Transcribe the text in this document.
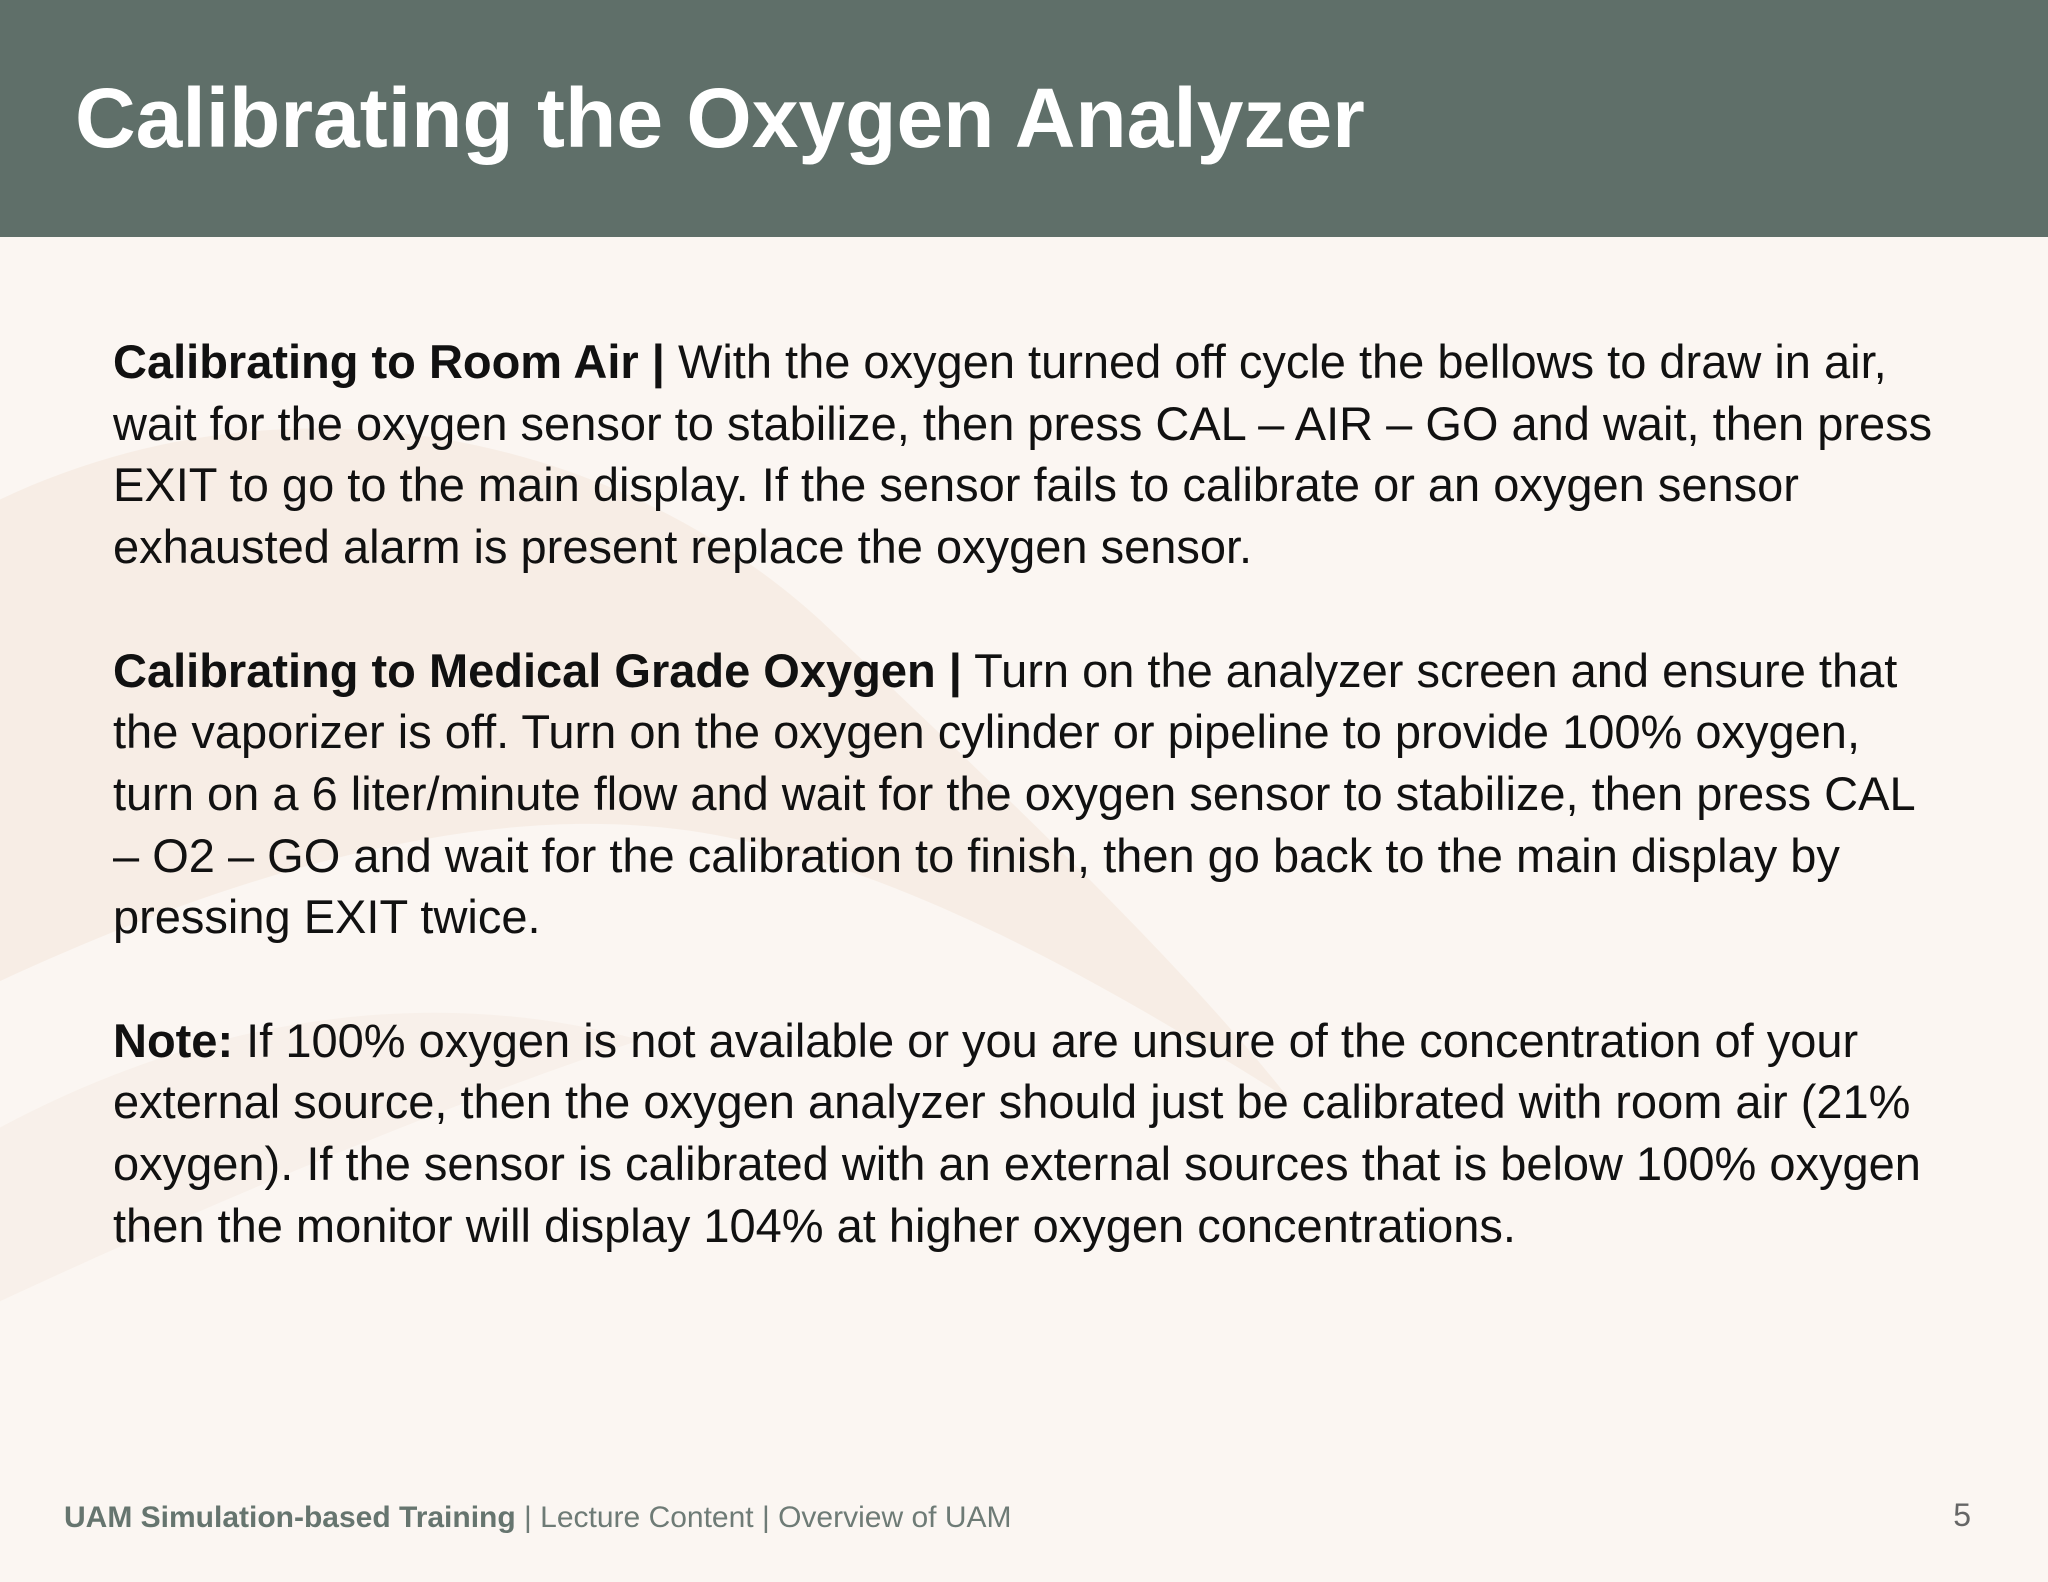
Calibrating the Oxygen Analyzer

Calibrating to Room Air | With the oxygen turned off cycle the bellows to draw in air, wait for the oxygen sensor to stabilize, then press CAL – AIR – GO and wait, then press EXIT to go to the main display. If the sensor fails to calibrate or an oxygen sensor exhausted alarm is present replace the oxygen sensor.

Calibrating to Medical Grade Oxygen | Turn on the analyzer screen and ensure that the vaporizer is off. Turn on the oxygen cylinder or pipeline to provide 100% oxygen, turn on a 6 liter/minute flow and wait for the oxygen sensor to stabilize, then press CAL – O2 – GO and wait for the calibration to finish, then go back to the main display by pressing EXIT twice.

Note: If 100% oxygen is not available or you are unsure of the concentration of your external source, then the oxygen analyzer should just be calibrated with room air (21% oxygen). If the sensor is calibrated with an external sources that is below 100% oxygen then the monitor will display 104% at higher oxygen concentrations.

UAM Simulation-based Training | Lecture Content | Overview of UAM	5
